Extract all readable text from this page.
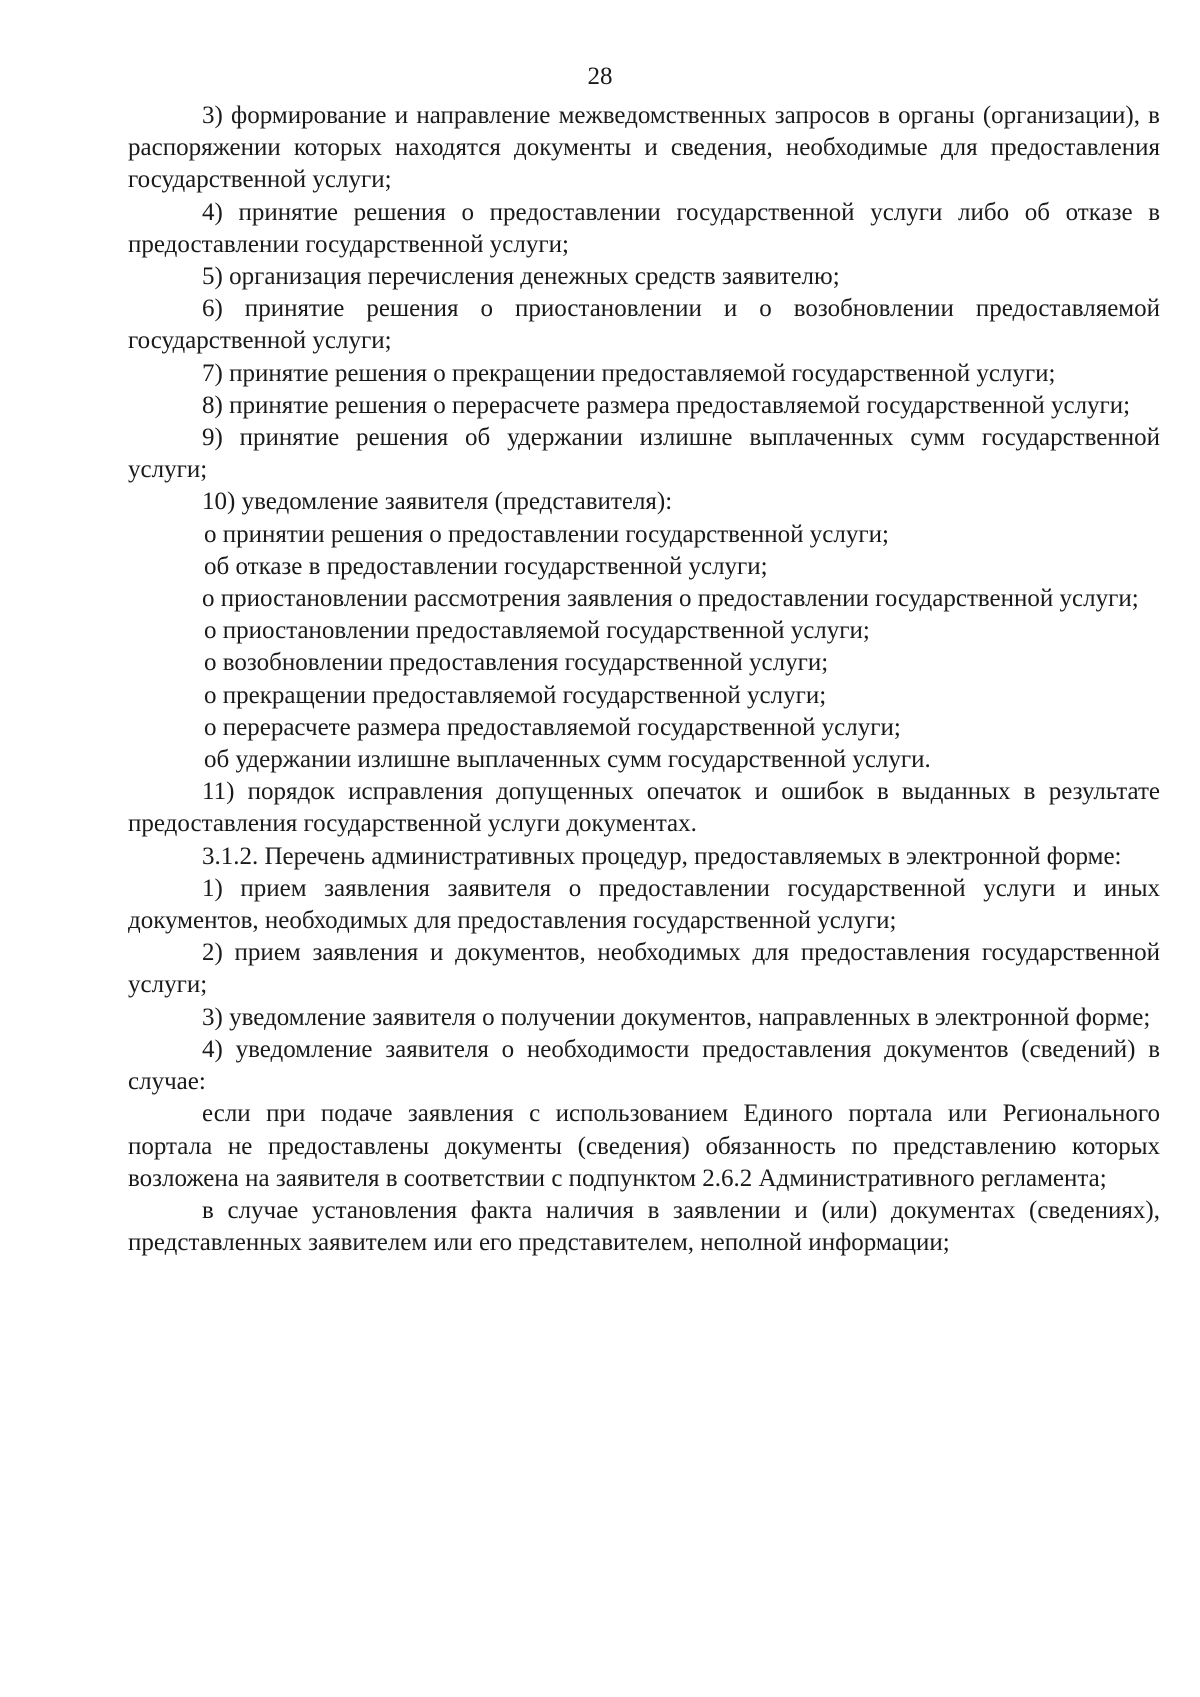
28

3) формирование и направление межведомственных запросов в органы (организации), в распоряжении которых находятся документы и сведения, необходимые для предоставления государственной услуги;

4) принятие решения о предоставлении государственной услуги либо об отказе в предоставлении государственной услуги;

5) организация перечисления денежных средств заявителю;

6) принятие решения о приостановлении и о возобновлении предоставляемой государственной услуги;

7) принятие решения о прекращении предоставляемой государственной услуги;

8) принятие решения о перерасчете размера предоставляемой государственной услуги;

9) принятие решения об удержании излишне выплаченных сумм государственной услуги;

10) уведомление заявителя (представителя):

о принятии решения о предоставлении государственной услуги;

об отказе в предоставлении государственной услуги;

о приостановлении рассмотрения заявления о предоставлении государственной услуги;

о приостановлении предоставляемой государственной услуги;

о возобновлении предоставления государственной услуги;

о прекращении предоставляемой государственной услуги;

о перерасчете размера предоставляемой государственной услуги;

об удержании излишне выплаченных сумм государственной услуги.

11) порядок исправления допущенных опечаток и ошибок в выданных в результате предоставления государственной услуги документах.

3.1.2. Перечень административных процедур, предоставляемых в электронной форме:

1) прием заявления заявителя о предоставлении государственной услуги и иных документов, необходимых для предоставления государственной услуги;

2) прием заявления и документов, необходимых для предоставления государственной услуги;

3) уведомление заявителя о получении документов, направленных в электронной форме;

4) уведомление заявителя о необходимости предоставления документов (сведений) в случае:

если при подаче заявления с использованием Единого портала или Регионального портала не предоставлены документы (сведения) обязанность по представлению которых возложена на заявителя в соответствии с подпунктом 2.6.2 Административного регламента;

в случае установления факта наличия в заявлении и (или) документах (сведениях), представленных заявителем или его представителем, неполной информации;
